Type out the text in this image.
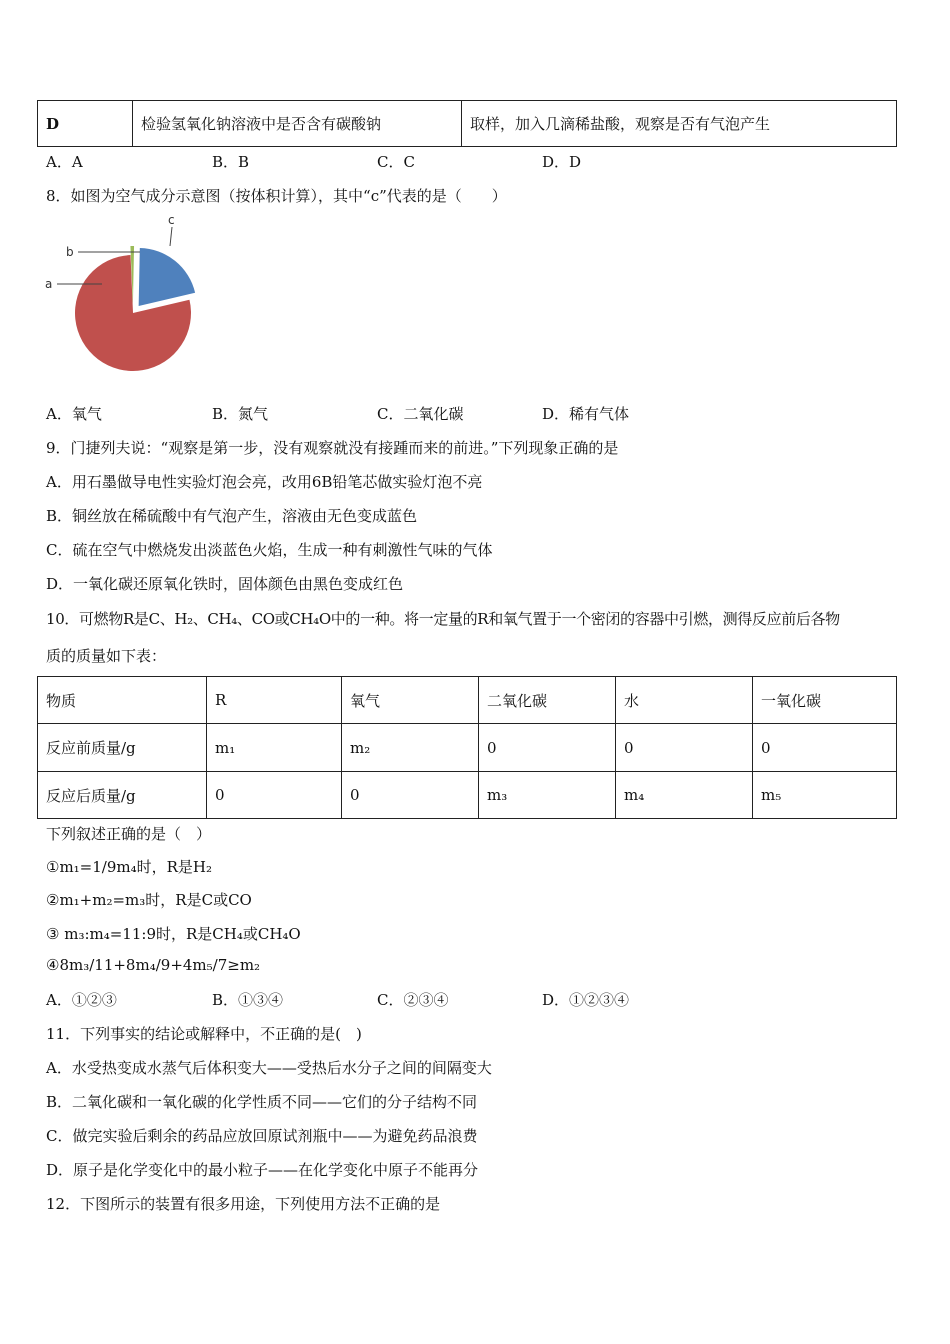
D	检验氢氧化钠溶液中是否含有碳酸钠	取样，加入几滴稀盐酸，观察是否有气泡产生
A．A	B．B	C．C	D．D
8．如图为空气成分示意图（按体积计算），其中“c”代表的是（　　）
c
b
a
A．氧气	B．氮气	C．二氧化碳	D．稀有气体
9．门捷列夫说：“观察是第一步，没有观察就没有接踵而来的前进。”下列现象正确的是
A．用石墨做导电性实验灯泡会亮，改用6B铅笔芯做实验灯泡不亮
B．铜丝放在稀硫酸中有气泡产生，溶液由无色变成蓝色
C．硫在空气中燃烧发出淡蓝色火焰，生成一种有刺激性气味的气体
D．一氧化碳还原氧化铁时，固体颜色由黑色变成红色
10．可燃物R是C、H₂、CH₄、CO或CH₄O中的一种。将一定量的R和氧气置于一个密闭的容器中引燃，测得反应前后各物
质的质量如下表：
物质	R	氧气	二氧化碳	水	一氧化碳
反应前质量/g	m₁	m₂	0	0	0
反应后质量/g	0	0	m₃	m₄	m₅
下列叙述正确的是（　）
①m₁=1/9m₄时，R是H₂
②m₁+m₂=m₃时，R是C或CO
③ m₃:m₄=11:9时，R是CH₄或CH₄O
④8m₃/11+8m₄/9+4m₅/7≥m₂
A．①②③	B．①③④	C．②③④	D．①②③④
11．下列事实的结论或解释中，不正确的是(　)
A．水受热变成水蒸气后体积变大——受热后水分子之间的间隔变大
B．二氧化碳和一氧化碳的化学性质不同——它们的分子结构不同
C．做完实验后剩余的药品应放回原试剂瓶中——为避免药品浪费
D．原子是化学变化中的最小粒子——在化学变化中原子不能再分
12．下图所示的装置有很多用途，下列使用方法不正确的是
